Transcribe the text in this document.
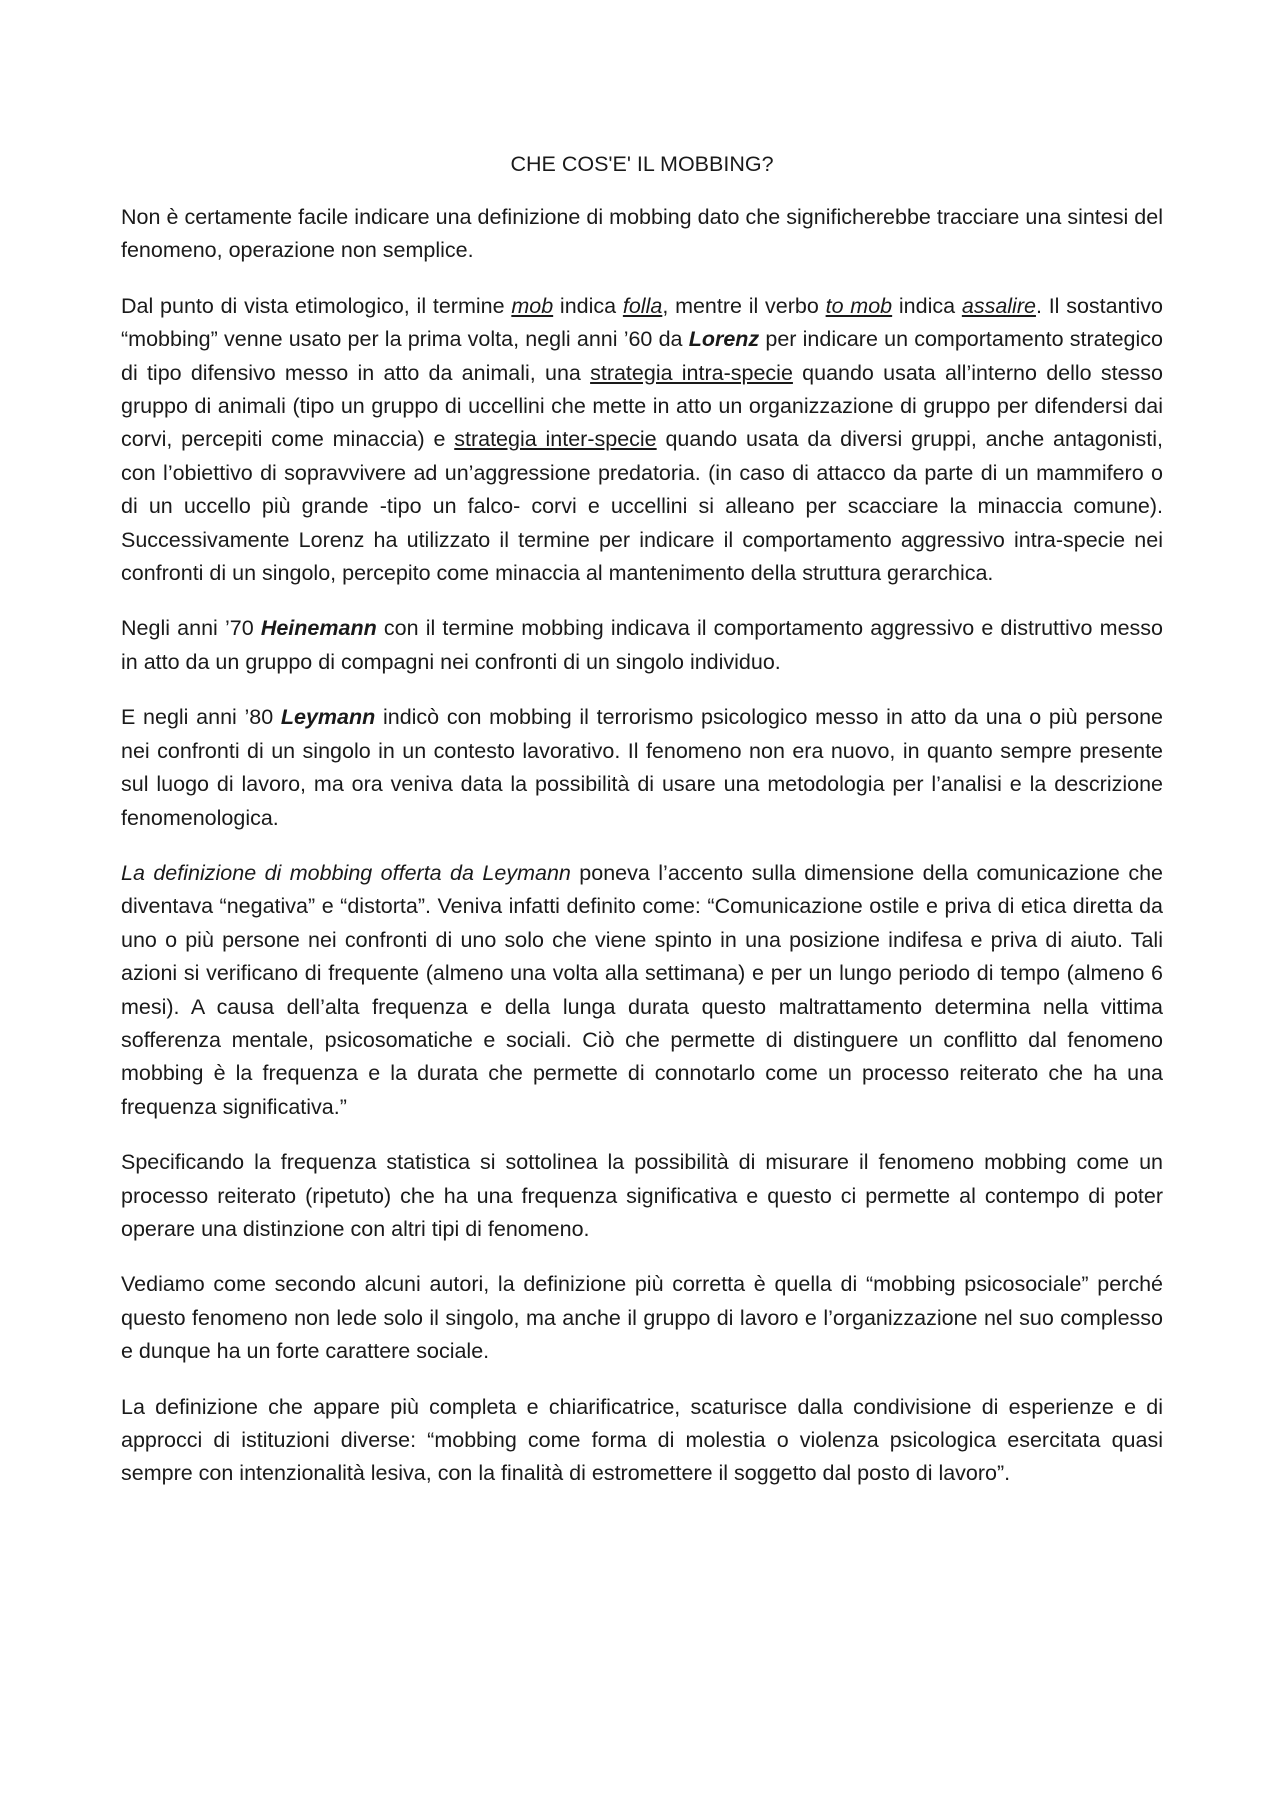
CHE COS'E' IL MOBBING?

Non è certamente facile indicare una definizione di mobbing dato che significherebbe tracciare una sintesi del fenomeno, operazione non semplice.

Dal punto di vista etimologico, il termine mob indica folla, mentre il verbo to mob indica assalire. Il sostantivo “mobbing” venne usato per la prima volta, negli anni ’60 da Lorenz per indicare un comportamento strategico di tipo difensivo messo in atto da animali, una strategia intra-specie quando usata all’interno dello stesso gruppo di animali (tipo un gruppo di uccellini che mette in atto un organizzazione di gruppo per difendersi dai corvi, percepiti come minaccia) e strategia inter-specie quando usata da diversi gruppi, anche antagonisti, con l’obiettivo di sopravvivere ad un’aggressione predatoria. (in caso di attacco da parte di un mammifero o di un uccello più grande -tipo un falco- corvi e uccellini si alleano per scacciare la minaccia comune). Successivamente Lorenz ha utilizzato il termine per indicare il comportamento aggressivo intra-specie nei confronti di un singolo, percepito come minaccia al mantenimento della struttura gerarchica.

Negli anni ’70 Heinemann con il termine mobbing indicava il comportamento aggressivo e distruttivo messo in atto da un gruppo di compagni nei confronti di un singolo individuo.

E negli anni ’80 Leymann indicò con mobbing il terrorismo psicologico messo in atto da una o più persone nei confronti di un singolo in un contesto lavorativo. Il fenomeno non era nuovo, in quanto sempre presente sul luogo di lavoro, ma ora veniva data la possibilità di usare una metodologia per l’analisi e la descrizione fenomenologica.

La definizione di mobbing offerta da Leymann poneva l’accento sulla dimensione della comunicazione che diventava “negativa” e “distorta”. Veniva infatti definito come: “Comunicazione ostile e priva di etica diretta da uno o più persone nei confronti di uno solo che viene spinto in una posizione indifesa e priva di aiuto. Tali azioni si verificano di frequente (almeno una volta alla settimana) e per un lungo periodo di tempo (almeno 6 mesi). A causa dell’alta frequenza e della lunga durata questo maltrattamento determina nella vittima sofferenza mentale, psicosomatiche e sociali. Ciò che permette di distinguere un conflitto dal fenomeno mobbing è la frequenza e la durata che permette di connotarlo come un processo reiterato che ha una frequenza significativa.”

Specificando la frequenza statistica si sottolinea la possibilità di misurare il fenomeno mobbing come un processo reiterato (ripetuto) che ha una frequenza significativa e questo ci permette al contempo di poter operare una distinzione con altri tipi di fenomeno.

Vediamo come secondo alcuni autori, la definizione più corretta è quella di “mobbing psicosociale” perché questo fenomeno non lede solo il singolo, ma anche il gruppo di lavoro e l’organizzazione nel suo complesso e dunque ha un forte carattere sociale.

La definizione che appare più completa e chiarificatrice, scaturisce dalla condivisione di esperienze e di approcci di istituzioni diverse: “mobbing come forma di molestia o violenza psicologica esercitata quasi sempre con intenzionalità lesiva, con la finalità di estromettere il soggetto dal posto di lavoro”.
